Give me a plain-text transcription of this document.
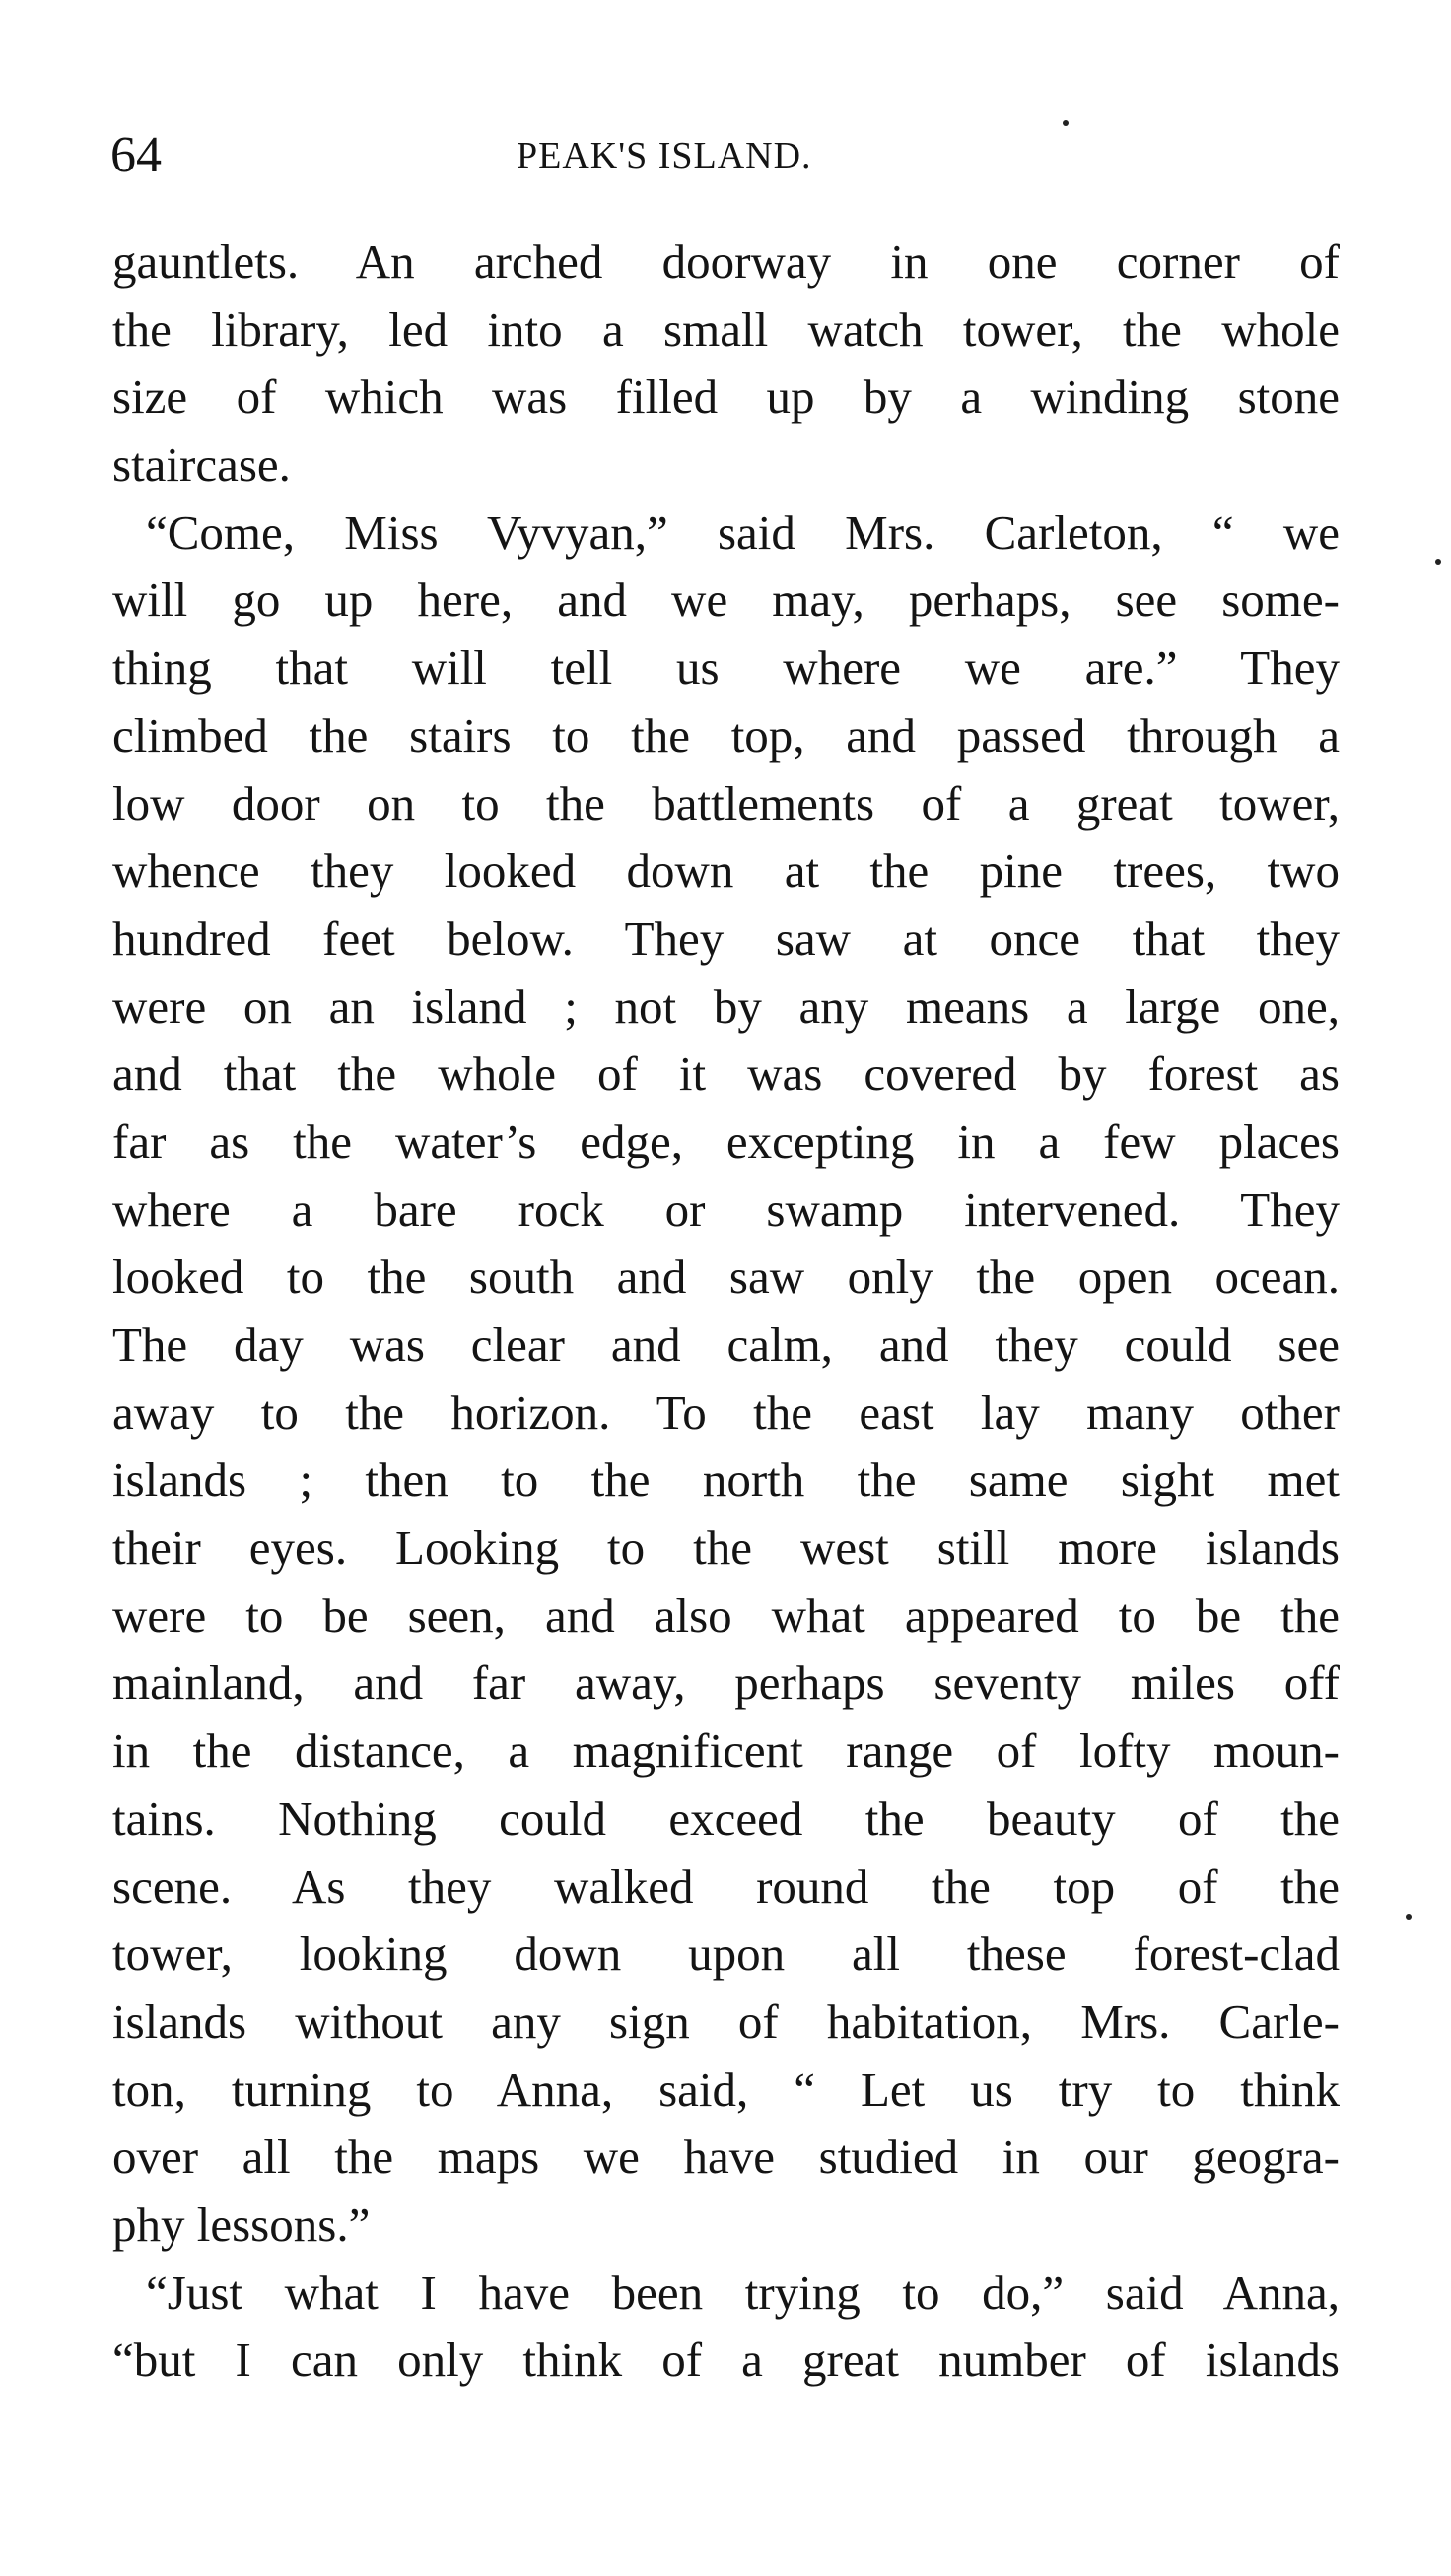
64	PEAK'S ISLAND.
gauntlets. An arched doorway in one corner of
the library, led into a small watch tower, the whole
size of which was filled up by a winding stone
staircase.
“Come, Miss Vyvyan,” said Mrs. Carleton, “ we
will go up here, and we may, perhaps, see some-
thing that will tell us where we are.” They
climbed the stairs to the top, and passed through a
low door on to the battlements of a great tower,
whence they looked down at the pine trees, two
hundred feet below. They saw at once that they
were on an island ; not by any means a large one,
and that the whole of it was covered by forest as
far as the water’s edge, excepting in a few places
where a bare rock or swamp intervened. They
looked to the south and saw only the open ocean.
The day was clear and calm, and they could see
away to the horizon. To the east lay many other
islands ; then to the north the same sight met
their eyes. Looking to the west still more islands
were to be seen, and also what appeared to be the
mainland, and far away, perhaps seventy miles off
in the distance, a magnificent range of lofty moun-
tains. Nothing could exceed the beauty of the
scene. As they walked round the top of the
tower, looking down upon all these forest-clad
islands without any sign of habitation, Mrs. Carle-
ton, turning to Anna, said, “ Let us try to think
over all the maps we have studied in our geogra-
phy lessons.”
“Just what I have been trying to do,” said Anna,
“but I can only think of a great number of islands
